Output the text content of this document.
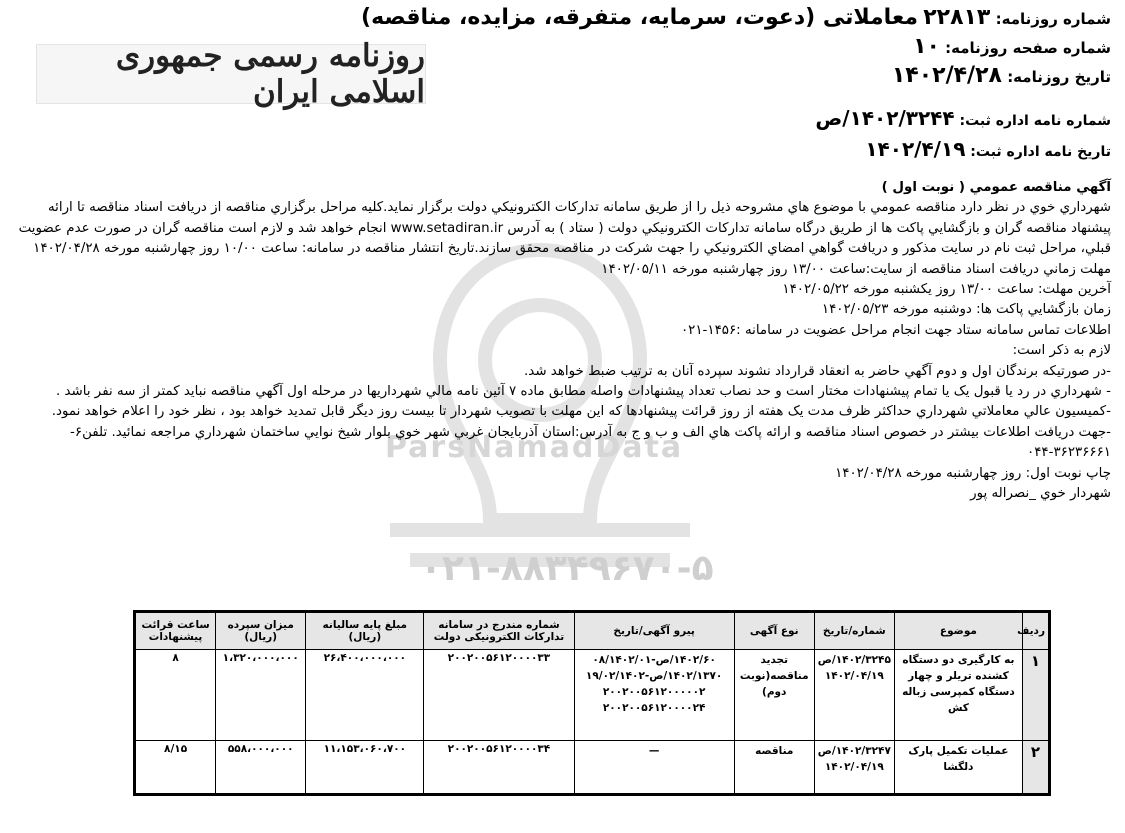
شماره روزنامه: ۲۲۸۱۳ معاملاتی (دعوت، سرمایه، متفرقه، مزایده، مناقصه)
شماره صفحه روزنامه: ۱۰
تاریخ روزنامه: ۱۴۰۲/۴/۲۸
روزنامه رسمی جمهوری اسلامی ایران
شماره نامه اداره ثبت: ۱۴۰۲/۳۲۴۴/ص
تاریخ نامه اداره ثبت: ۱۴۰۲/۴/۱۹
۰۲۱-۸۸۳۴۹۶۷۰-۵
ParsNamadData

آگهي مناقصه عمومي ( نوبت اول )

شهرداري خوي در نظر دارد مناقصه عمومي با موضوع هاي مشروحه ذيل را از طريق سامانه تداركات الكترونيكي دولت برگزار نمايد.كليه مراحل برگزاري مناقصه از دريافت اسناد مناقصه تا ارائه پيشنهاد مناقصه گران و بازگشايي پاكت ها از طريق درگاه سامانه تداركات الكترونيكي دولت ( ستاد ) به آدرس www.setadiran.ir انجام خواهد شد و لازم است مناقصه گران در صورت عدم عضويت قبلي، مراحل ثبت نام در سايت مذكور و دريافت گواهي امضاي الكترونيكي را جهت شركت در مناقصه محقق سازند.تاريخ انتشار مناقصه در سامانه: ساعت ۱۰/۰۰ روز چهارشنبه مورخه ۱۴۰۲/۰۴/۲۸

مهلت زماني دريافت اسناد مناقصه از سايت:ساعت ۱۳/۰۰ روز چهارشنبه مورخه ۱۴۰۲/۰۵/۱۱

آخرين مهلت: ساعت ۱۳/۰۰ روز يكشنبه مورخه ۱۴۰۲/۰۵/۲۲

زمان بازگشايي پاكت ها: دوشنبه مورخه ۱۴۰۲/۰۵/۲۳

اطلاعات تماس سامانه ستاد جهت انجام مراحل عضويت در سامانه :۱۴۵۶-۰۲۱

لازم به ذكر است:

-در صورتيكه برندگان اول و دوم آگهي حاضر به انعقاد قرارداد نشوند سپرده آنان به ترتيب ضبط خواهد شد.

- شهرداري در رد يا قبول يک يا تمام پيشنهادات مختار است و حد نصاب تعداد پيشنهادات واصله مطابق ماده ۷ آئين نامه مالي شهرداريها در مرحله اول آگهي مناقصه نبايد كمتر از سه نفر باشد .

-كميسيون عالي معاملاتي شهرداري حداكثر ظرف مدت يک هفته از روز قرائت پيشنهادها كه اين مهلت با تصويب شهردار تا بيست روز ديگر قابل تمديد خواهد بود ، نظر خود را اعلام خواهد نمود.

-جهت دريافت اطلاعات بيشتر در خصوص اسناد مناقصه و ارائه پاكت هاي الف و ب و ج به آدرس:استان آذربايجان غربي شهر خوي بلوار شيخ نوايي ساختمان شهرداري مراجعه نمائيد. تلفن۶- ۳۶۲۳۶۶۶۱-۰۴۴

چاپ نوبت اول: روز چهارشنبه مورخه ۱۴۰۲/۰۴/۲۸

شهردار خوي _نصراله پور

ردیف	موضوع	شماره/تاریخ	نوع آگهی	پیرو آگهی/تاریخ	شماره مندرج در سامانه تدارکات الکترونیکی دولت	مبلغ پایه سالیانه (ریال)	میزان سپرده (ریال)	ساعت قرائت پیشنهادات
۱	به کارگیری دو دستگاه کشنده تریلر و چهار دستگاه کمپرسی زباله کش	۱۴۰۲/۳۲۴۵/ص ۱۴۰۲/۰۴/۱۹	تجدید مناقصه(نوبت دوم)	۱۴۰۲/۶۰/ص-۰۸/۱۴۰۲/۰۱ ۱۴۰۲/۱۳۷۰/ص-۱۹/۰۲/۱۴۰۲ ۲۰۰۲۰۰۵۶۱۲۰۰۰۰۰۲ ۲۰۰۲۰۰۵۶۱۲۰۰۰۰۲۴	۲۰۰۲۰۰۵۶۱۲۰۰۰۰۳۳	۲۶،۴۰۰،۰۰۰،۰۰۰	۱،۳۲۰،۰۰۰،۰۰۰	۸
۲	عملیات تکمیل پارک دلگشا	۱۴۰۲/۳۲۴۷/ص ۱۴۰۲/۰۴/۱۹	مناقصه	—	۲۰۰۲۰۰۵۶۱۲۰۰۰۰۳۴	۱۱،۱۵۳،۰۶۰،۷۰۰	۵۵۸،۰۰۰،۰۰۰	۸/۱۵
